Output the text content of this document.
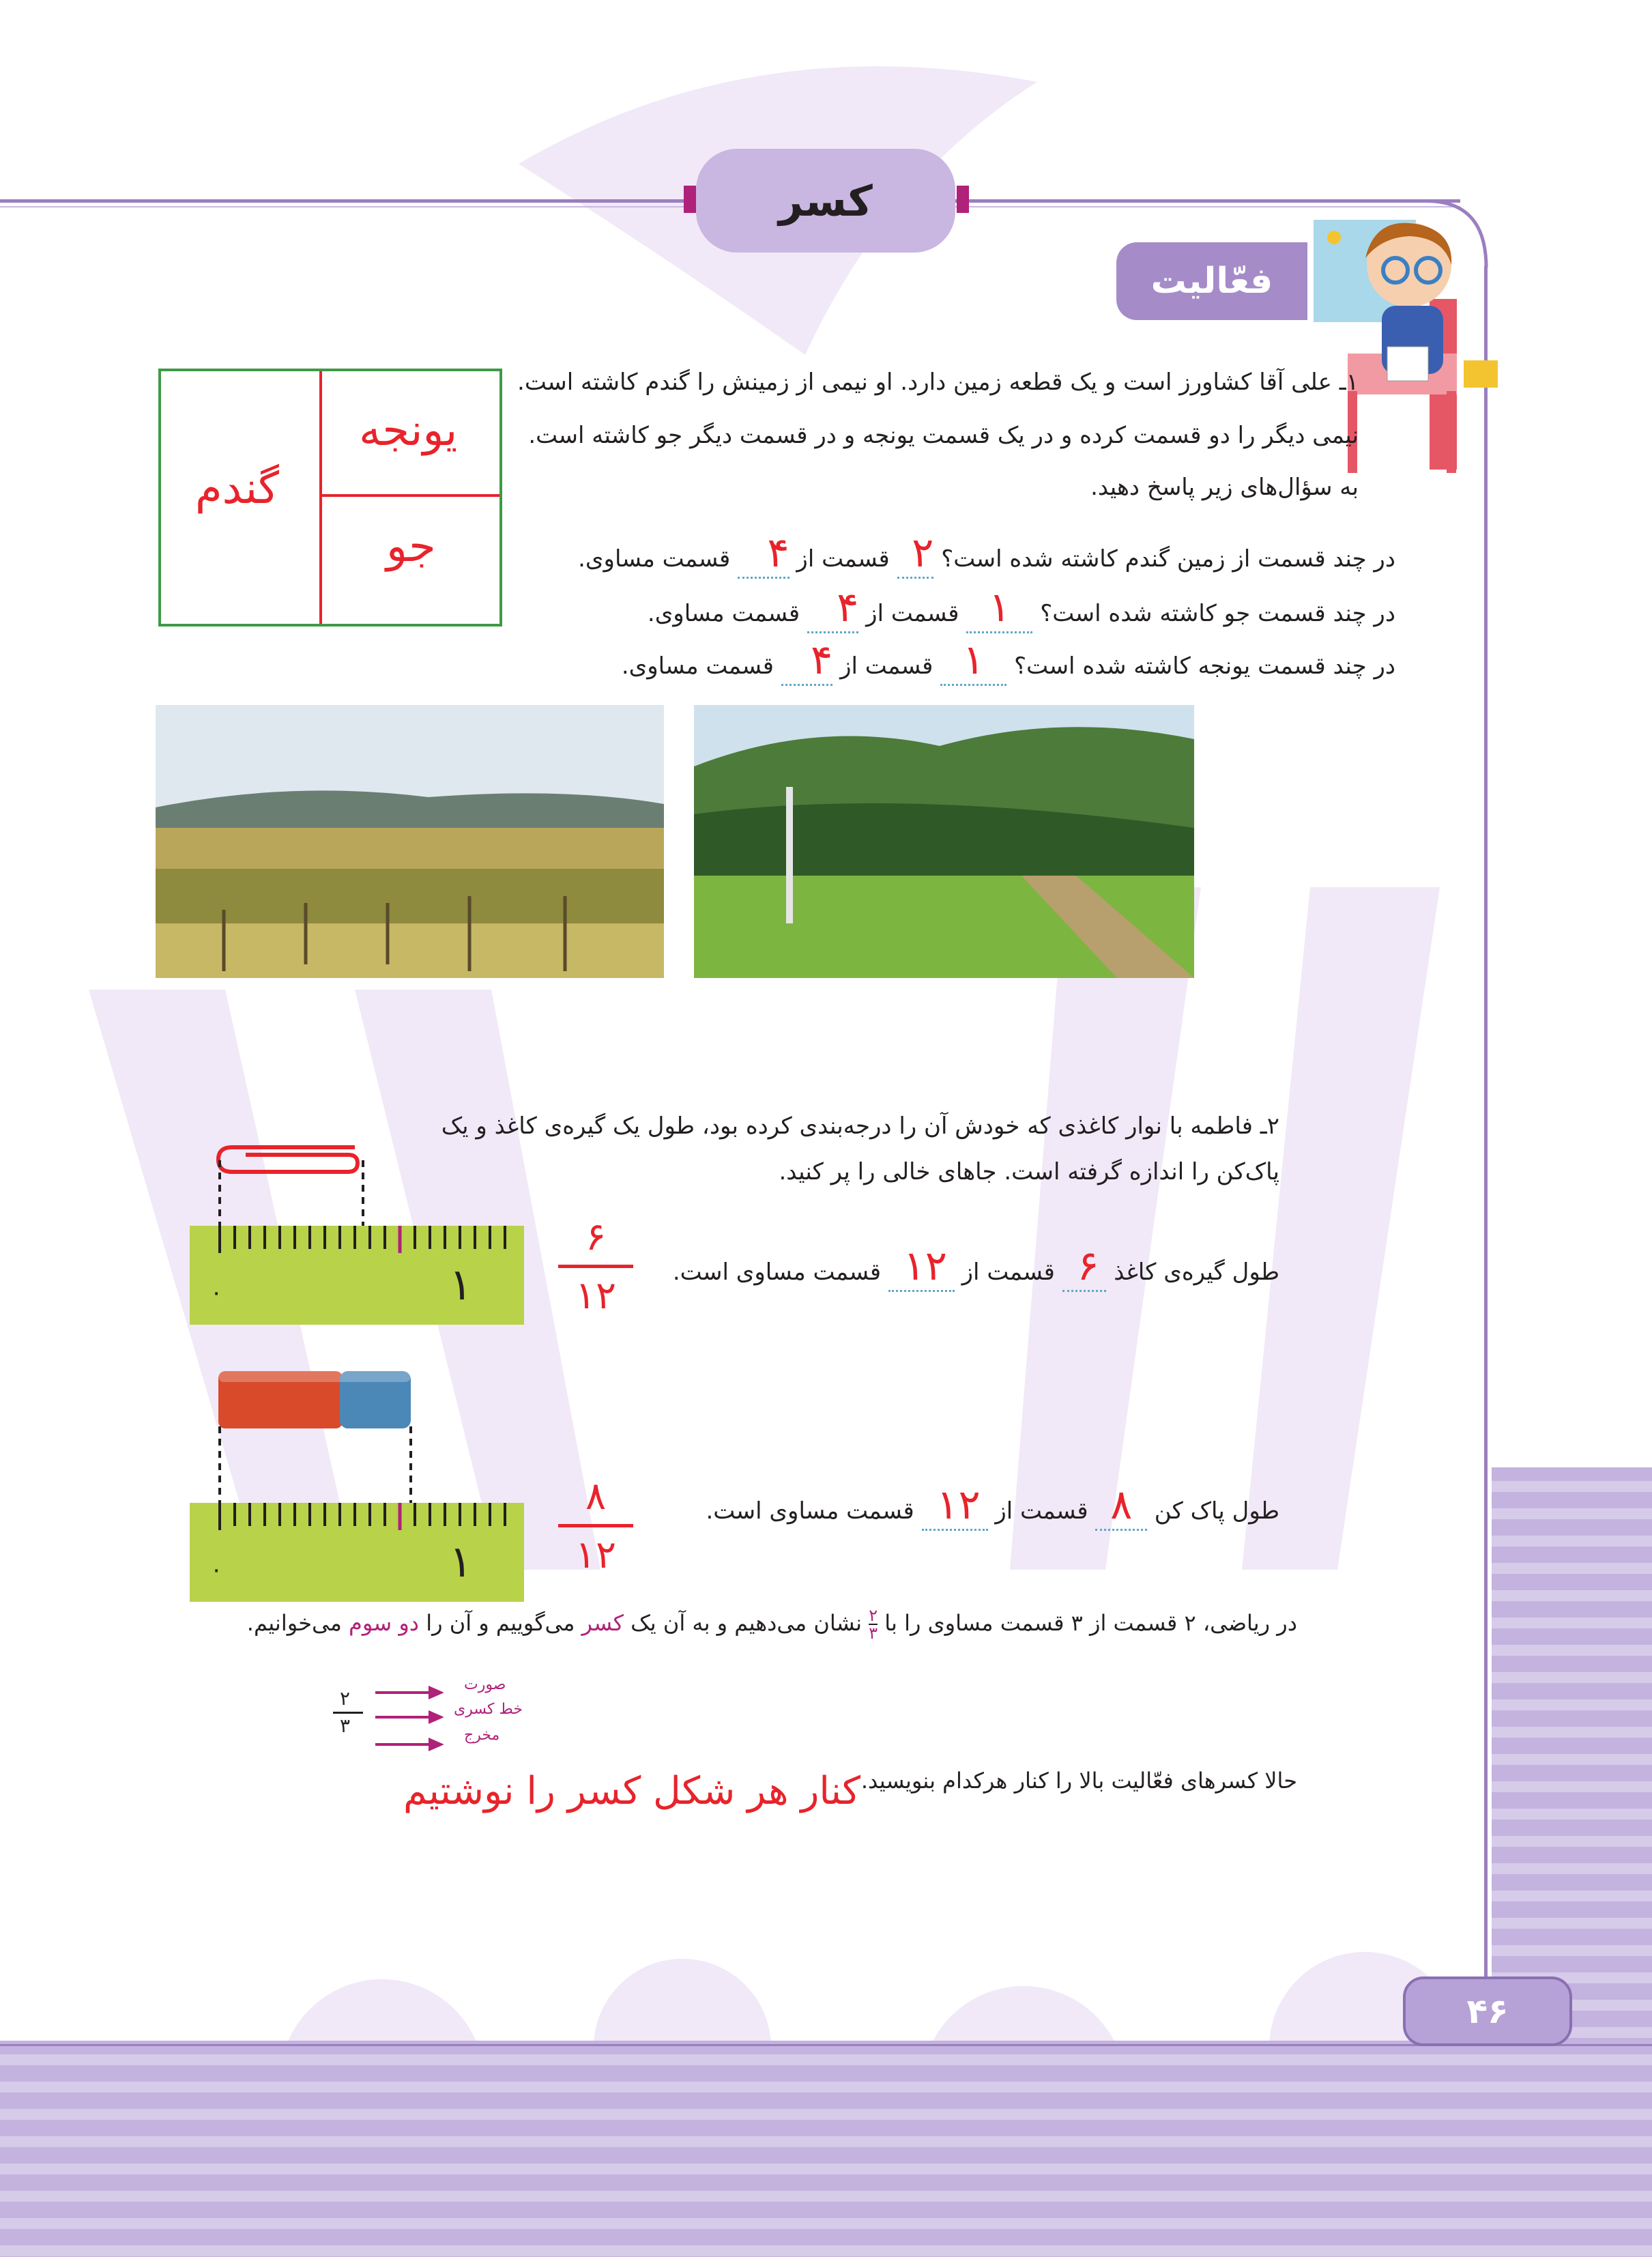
کسر
فعّالیت
۱ـ علی آقا کشاورز است و یک قطعه زمین دارد. او نیمی از زمینش را گندم کاشته است.
نیمی دیگر را دو قسمت کرده و در یک قسمت یونجه و در قسمت دیگر جو کاشته است.
به سؤال‌های زیر پاسخ دهید.
گندم
یونجه
جو	در چند قسمت از زمین گندم کاشته شده است؟ ۲   قسمت از ۴     قسمت مساوی.
در چند قسمت جو کاشته شده است؟    ۱    قسمت از ۴     قسمت مساوی.
در چند قسمت یونجه کاشته شده است؟    ۱    قسمت از ۴     قسمت مساوی.
۲ـ فاطمه با نوار کاغذی که خودش آن را درجه‌بندی کرده بود، طول یک گیره‌ی کاغذ و یک
پاک‌کن را اندازه گرفته است. جاهای خالی را پر کنید.
۰	۱
۰	۱
۶
۱۲
۸
۱۲
طول گیره‌ی کاغذ  ۶   قسمت از  ۱۲   قسمت مساوی است.
طول پاک کن   ۸   قسمت از  ۱۲   قسمت مساوی است.
در ریاضی، ۲ قسمت از ۳ قسمت مساوی را با
۲
۳
نشان می‌دهیم و به آن یک کسر می‌گوییم و آن را دو سوم می‌خوانیم.
۲
۳
صورت
خط کسری
مخرج
حالا کسرهای فعّالیت بالا را کنار هرکدام بنویسید.
کنار هر شکل کسر را نوشتیم
۴۶
